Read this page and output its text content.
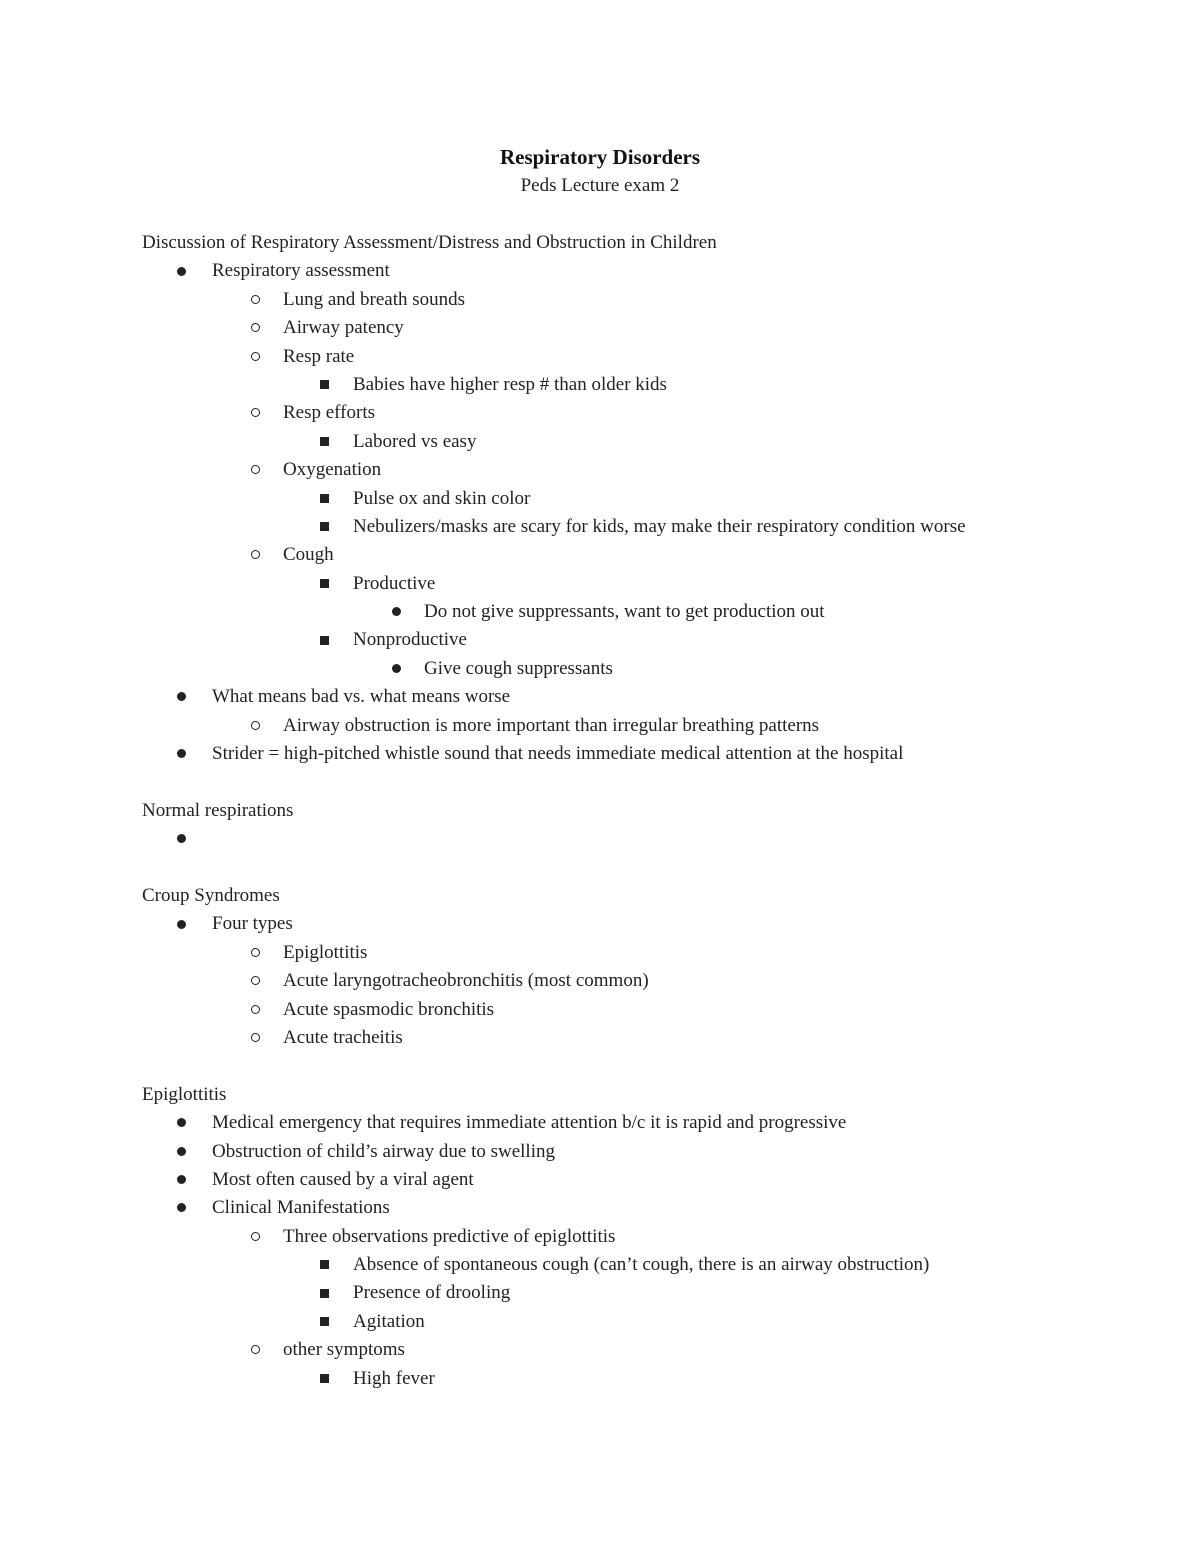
Respiratory Disorders
Peds Lecture exam 2
Discussion of Respiratory Assessment/Distress and Obstruction in Children
Respiratory assessment
Lung and breath sounds
Airway patency
Resp rate
Babies have higher resp # than older kids
Resp efforts
Labored vs easy
Oxygenation
Pulse ox and skin color
Nebulizers/masks are scary for kids, may make their respiratory condition worse
Cough
Productive
Do not give suppressants, want to get production out
Nonproductive
Give cough suppressants
What means bad vs. what means worse
Airway obstruction is more important than irregular breathing patterns
Strider = high-pitched whistle sound that needs immediate medical attention at the hospital
Normal respirations
Croup Syndromes
Four types
Epiglottitis
Acute laryngotracheobronchitis (most common)
Acute spasmodic bronchitis
Acute tracheitis
Epiglottitis
Medical emergency that requires immediate attention b/c it is rapid and progressive
Obstruction of child’s airway due to swelling
Most often caused by a viral agent
Clinical Manifestations
Three observations predictive of epiglottitis
Absence of spontaneous cough (can’t cough, there is an airway obstruction)
Presence of drooling
Agitation
other symptoms
High fever
